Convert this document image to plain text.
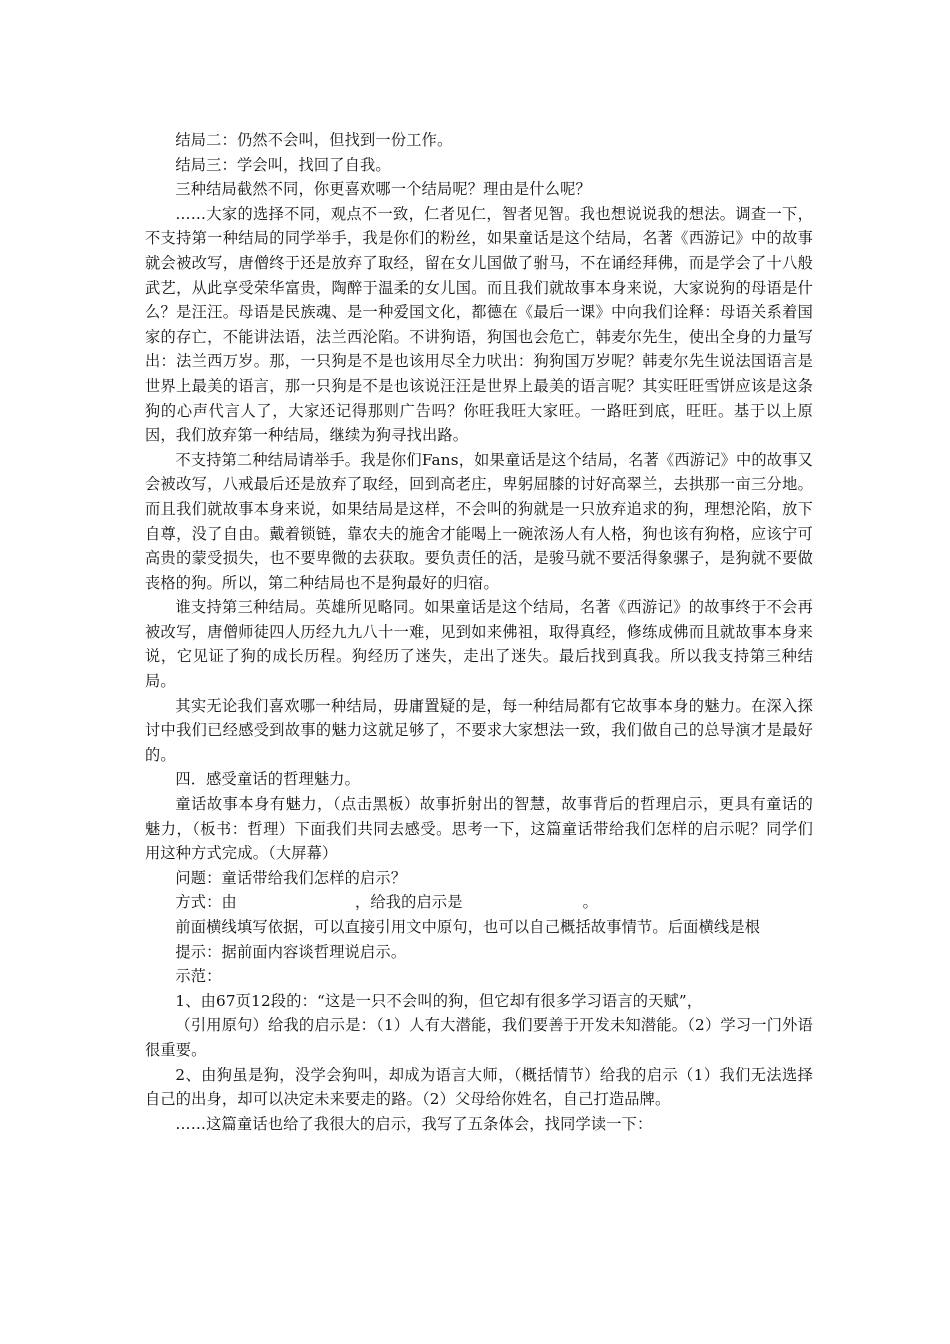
结局二：仍然不会叫，但找到一份工作。

结局三：学会叫，找回了自我。

三种结局截然不同，你更喜欢哪一个结局呢？理由是什么呢？

……大家的选择不同，观点不一致，仁者见仁，智者见智。我也想说说我的想法。调查一下，不支持第一种结局的同学举手，我是你们的粉丝，如果童话是这个结局，名著《西游记》中的故事就会被改写，唐僧终于还是放弃了取经，留在女儿国做了驸马，不在诵经拜佛，而是学会了十八般武艺，从此享受荣华富贵，陶醉于温柔的女儿国。而且我们就故事本身来说，大家说狗的母语是什么？是汪汪。母语是民族魂、是一种爱国文化，都德在《最后一课》中向我们诠释：母语关系着国家的存亡，不能讲法语，法兰西沦陷。不讲狗语，狗国也会危亡，韩麦尔先生，使出全身的力量写出：法兰西万岁。那，一只狗是不是也该用尽全力吠出：狗狗国万岁呢？韩麦尔先生说法国语言是世界上最美的语言，那一只狗是不是也该说汪汪是世界上最美的语言呢？其实旺旺雪饼应该是这条狗的心声代言人了，大家还记得那则广告吗？你旺我旺大家旺。一路旺到底，旺旺。基于以上原因，我们放弃第一种结局，继续为狗寻找出路。

不支持第二种结局请举手。我是你们Fans，如果童话是这个结局，名著《西游记》中的故事又会被改写，八戒最后还是放弃了取经，回到高老庄，卑躬屈膝的讨好高翠兰，去拱那一亩三分地。而且我们就故事本身来说，如果结局是这样，不会叫的狗就是一只放弃追求的狗，理想沦陷，放下自尊，没了自由。戴着锁链，靠农夫的施舍才能喝上一碗浓汤人有人格，狗也该有狗格，应该宁可高贵的蒙受损失，也不要卑微的去获取。要负责任的活，是骏马就不要活得象骡子，是狗就不要做丧格的狗。所以，第二种结局也不是狗最好的归宿。

谁支持第三种结局。英雄所见略同。如果童话是这个结局，名著《西游记》的故事终于不会再被改写，唐僧师徒四人历经九九八十一难，见到如来佛祖，取得真经，修练成佛而且就故事本身来说，它见证了狗的成长历程。狗经历了迷失，走出了迷失。最后找到真我。所以我支持第三种结局。

其实无论我们喜欢哪一种结局，毋庸置疑的是，每一种结局都有它故事本身的魅力。在深入探讨中我们已经感受到故事的魅力这就足够了，不要求大家想法一致，我们做自己的总导演才是最好的。

四．感受童话的哲理魅力。

童话故事本身有魅力，（点击黑板）故事折射出的智慧，故事背后的哲理启示，更具有童话的魅力，（板书：哲理）下面我们共同去感受。思考一下，这篇童话带给我们怎样的启示呢？同学们用这种方式完成。（大屏幕）

问题：童话带给我们怎样的启示？

方式：由	，给我的启示是	。

前面横线填写依据，可以直接引用文中原句，也可以自己概括故事情节。后面横线是根

提示：据前面内容谈哲理说启示。

示范：

1、由67页12段的：“这是一只不会叫的狗，但它却有很多学习语言的天赋”，

（引用原句）给我的启示是：（1）人有大潜能，我们要善于开发未知潜能。（2）学习一门外语很重要。

2、由狗虽是狗，没学会狗叫，却成为语言大师，（概括情节）给我的启示（1）我们无法选择自己的出身，却可以决定未来要走的路。（2）父母给你姓名，自己打造品牌。

……这篇童话也给了我很大的启示，我写了五条体会，找同学读一下：
